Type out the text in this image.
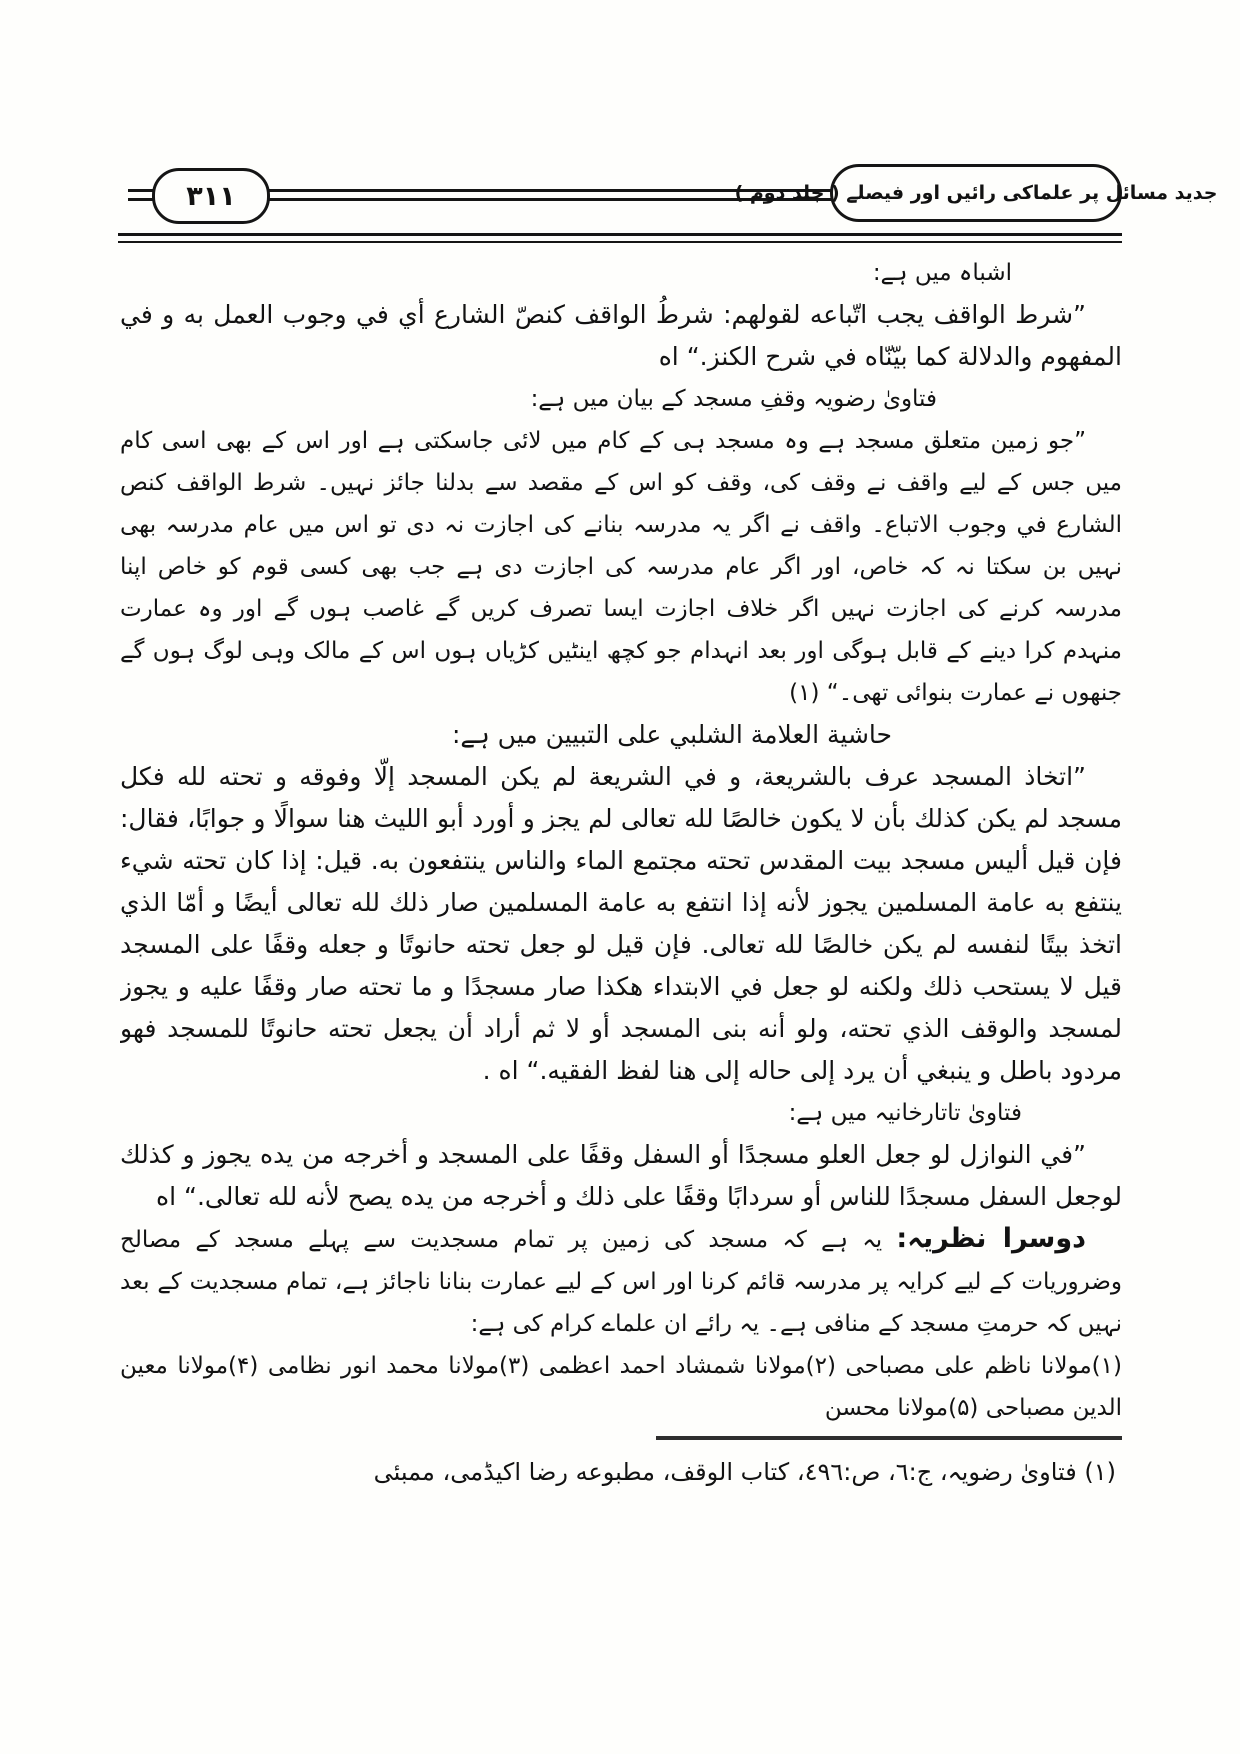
۳۱۱	جدید مسائل پر علماکی رائیں اور فیصلے ( جلد دوم )

اشباہ میں ہے:

”شرط الواقف یجب اتّباعه لقولهم: شرطُ الواقف كنصّ الشارع أي في وجوب العمل به و في المفهوم والدلالة كما بيّنّاه في شرح الكنز.“ اه

فتاویٰ رضویہ وقفِ مسجد کے بیان میں ہے:

”جو زمین متعلق مسجد ہے وہ مسجد ہی کے کام میں لائی جاسکتی ہے اور اس کے بھی اسی کام میں جس کے لیے واقف نے وقف کی، وقف کو اس کے مقصد سے بدلنا جائز نہیں۔ شرط الواقف كنص الشارع في وجوب الاتباع۔ واقف نے اگر یہ مدرسہ بنانے کی اجازت نہ دی تو اس میں عام مدرسہ بھی نہیں بن سکتا نہ کہ خاص، اور اگر عام مدرسہ کی اجازت دی ہے جب بھی کسی قوم کو خاص اپنا مدرسہ کرنے کی اجازت نہیں اگر خلاف اجازت ایسا تصرف کریں گے غاصب ہوں گے اور وہ عمارت منہدم کرا دینے کے قابل ہوگی اور بعد انہدام جو کچھ اینٹیں کڑیاں ہوں اس کے مالک وہی لوگ ہوں گے جنھوں نے عمارت بنوائی تھی۔“ (۱)

حاشية العلامة الشلبي على التبيين میں ہے:

”اتخاذ المسجد عرف بالشريعة، و في الشريعة لم يكن المسجد إلّا وفوقه و تحته لله فكل مسجد لم يكن كذلك بأن لا يكون خالصًا لله تعالى لم يجز و أورد أبو الليث هنا سوالًا و جوابًا، فقال: فإن قيل أليس مسجد بيت المقدس تحته مجتمع الماء والناس ينتفعون به. قيل: إذا كان تحته شيء ينتفع به عامة المسلمين يجوز لأنه إذا انتفع به عامة المسلمين صار ذلك لله تعالى أيضًا و أمّا الذي اتخذ بيتًا لنفسه لم يكن خالصًا لله تعالى. فإن قيل لو جعل تحته حانوتًا و جعله وقفًا على المسجد قيل لا يستحب ذلك ولكنه لو جعل في الابتداء هكذا صار مسجدًا و ما تحته صار وقفًا عليه و يجوز لمسجد والوقف الذي تحته، ولو أنه بنى المسجد أو لا ثم أراد أن يجعل تحته حانوتًا للمسجد فهو مردود باطل و ينبغي أن يرد إلى حاله إلى هنا لفظ الفقيه.“ اه .

فتاویٰ تاتارخانیہ میں ہے:

”في النوازل لو جعل العلو مسجدًا أو السفل وقفًا على المسجد و أخرجه من يده يجوز و كذلك لوجعل السفل مسجدًا للناس أو سردابًا وقفًا على ذلك و أخرجه من يده يصح لأنه لله تعالى.“ اه

دوسرا نظریہ: یہ ہے کہ مسجد کی زمین پر تمام مسجدیت سے پہلے مسجد کے مصالح وضروریات کے لیے کرایہ پر مدرسہ قائم کرنا اور اس کے لیے عمارت بنانا ناجائز ہے، تمام مسجدیت کے بعد نہیں کہ حرمتِ مسجد کے منافی ہے۔ یہ رائے ان علماے کرام کی ہے:

(۱)مولانا ناظم علی مصباحی (۲)مولانا شمشاد احمد اعظمی (۳)مولانا محمد انور نظامی (۴)مولانا معین الدین مصباحی (۵)مولانا محسن

(۱) فتاویٰ رضویہ، ج:٦، ص:٤٩٦، كتاب الوقف، مطبوعه رضا اكیڈمی، ممبئی
